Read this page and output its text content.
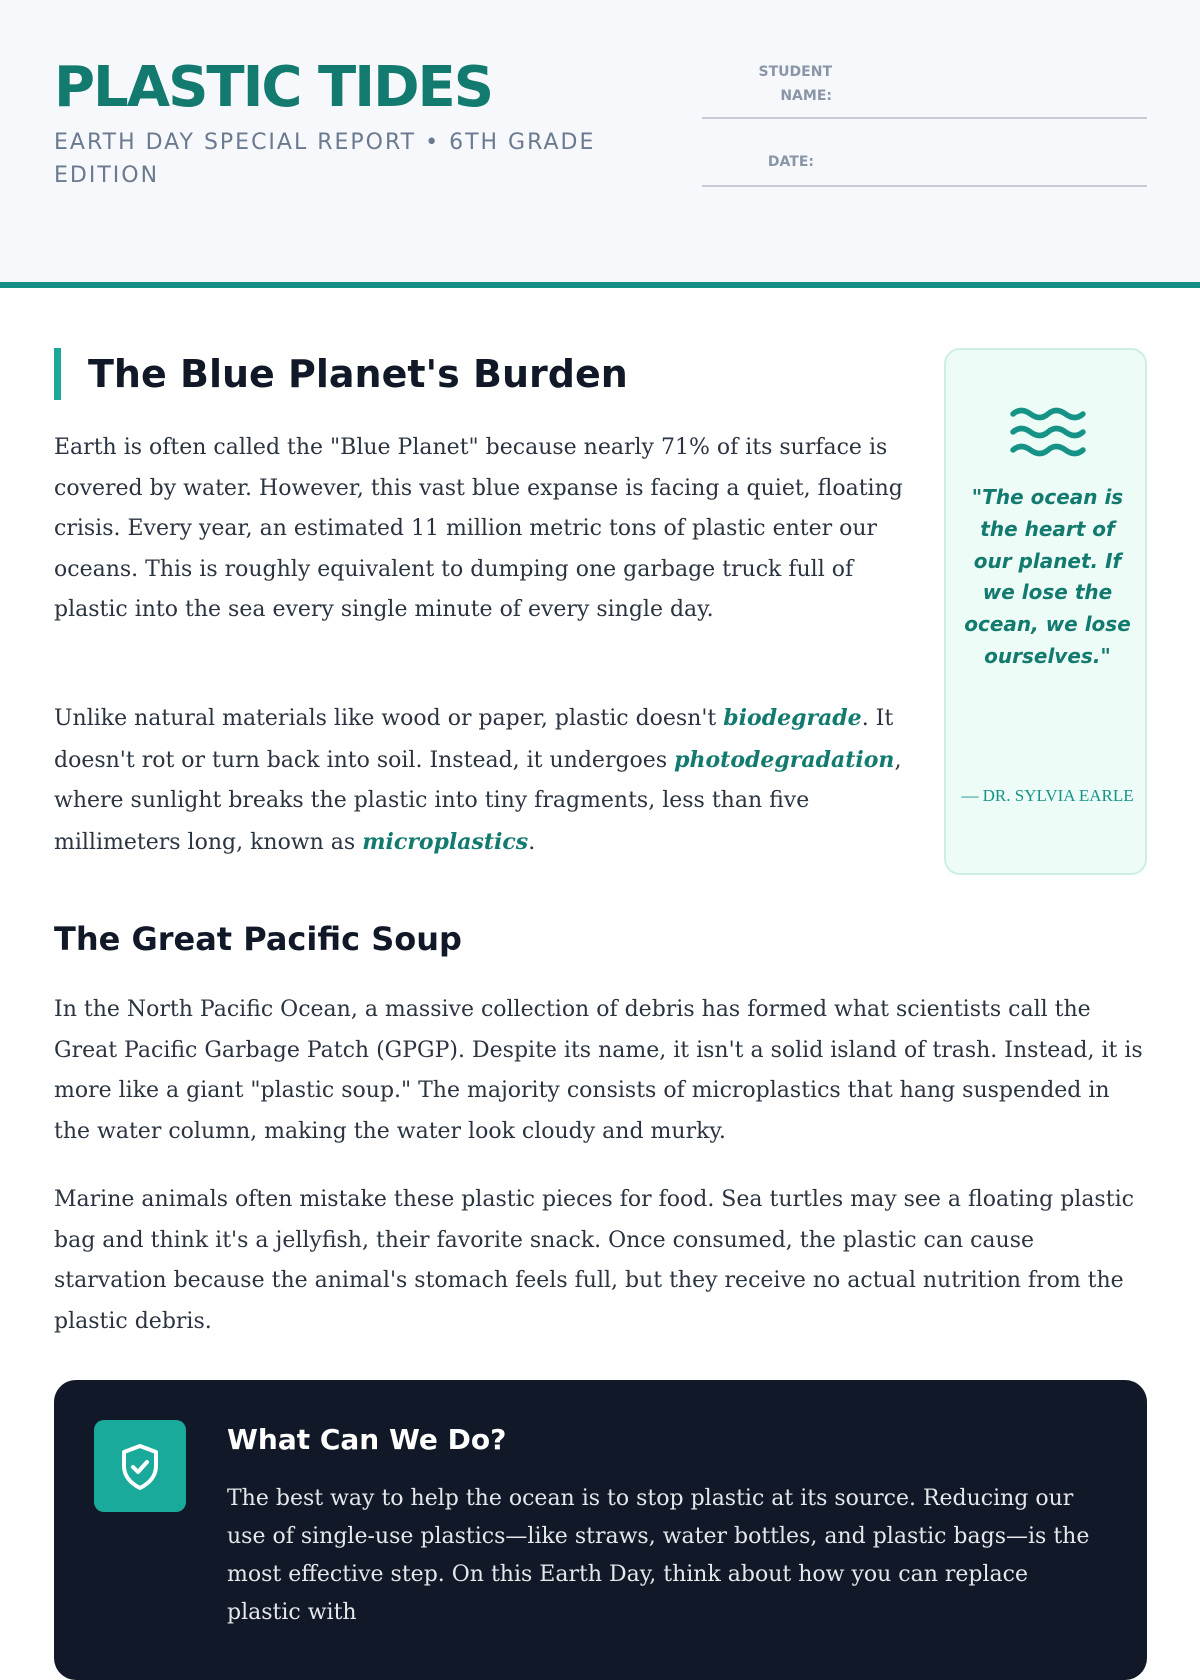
PLASTIC TIDES
EARTH DAY SPECIAL REPORT • 6TH GRADE EDITION
STUDENT
NAME:
DATE:
The Blue Planet's Burden

Earth is often called the "Blue Planet" because nearly 71% of its surface is covered by water. However, this vast blue expanse is facing a quiet, floating crisis. Every year, an estimated 11 million metric tons of plastic enter our oceans. This is roughly equivalent to dumping one garbage truck full of plastic into the sea every single minute of every single day.

Unlike natural materials like wood or paper, plastic doesn't biodegrade. It doesn't rot or turn back into soil. Instead, it undergoes photodegradation, where sunlight breaks the plastic into tiny fragments, less than five millimeters long, known as microplastics.

"The ocean is the heart of our planet. If we lose the ocean, we lose ourselves."
— DR. SYLVIA EARLE
The Great Pacific Soup

In the North Pacific Ocean, a massive collection of debris has formed what scientists call the Great Pacific Garbage Patch (GPGP). Despite its name, it isn't a solid island of trash. Instead, it is more like a giant "plastic soup." The majority consists of microplastics that hang suspended in the water column, making the water look cloudy and murky.

Marine animals often mistake these plastic pieces for food. Sea turtles may see a floating plastic bag and think it's a jellyfish, their favorite snack. Once consumed, the plastic can cause starvation because the animal's stomach feels full, but they receive no actual nutrition from the plastic debris.

What Can We Do?

The best way to help the ocean is to stop plastic at its source. Reducing our use of single-use plastics—like straws, water bottles, and plastic bags—is the most effective step. On this Earth Day, think about how you can replace plastic with
